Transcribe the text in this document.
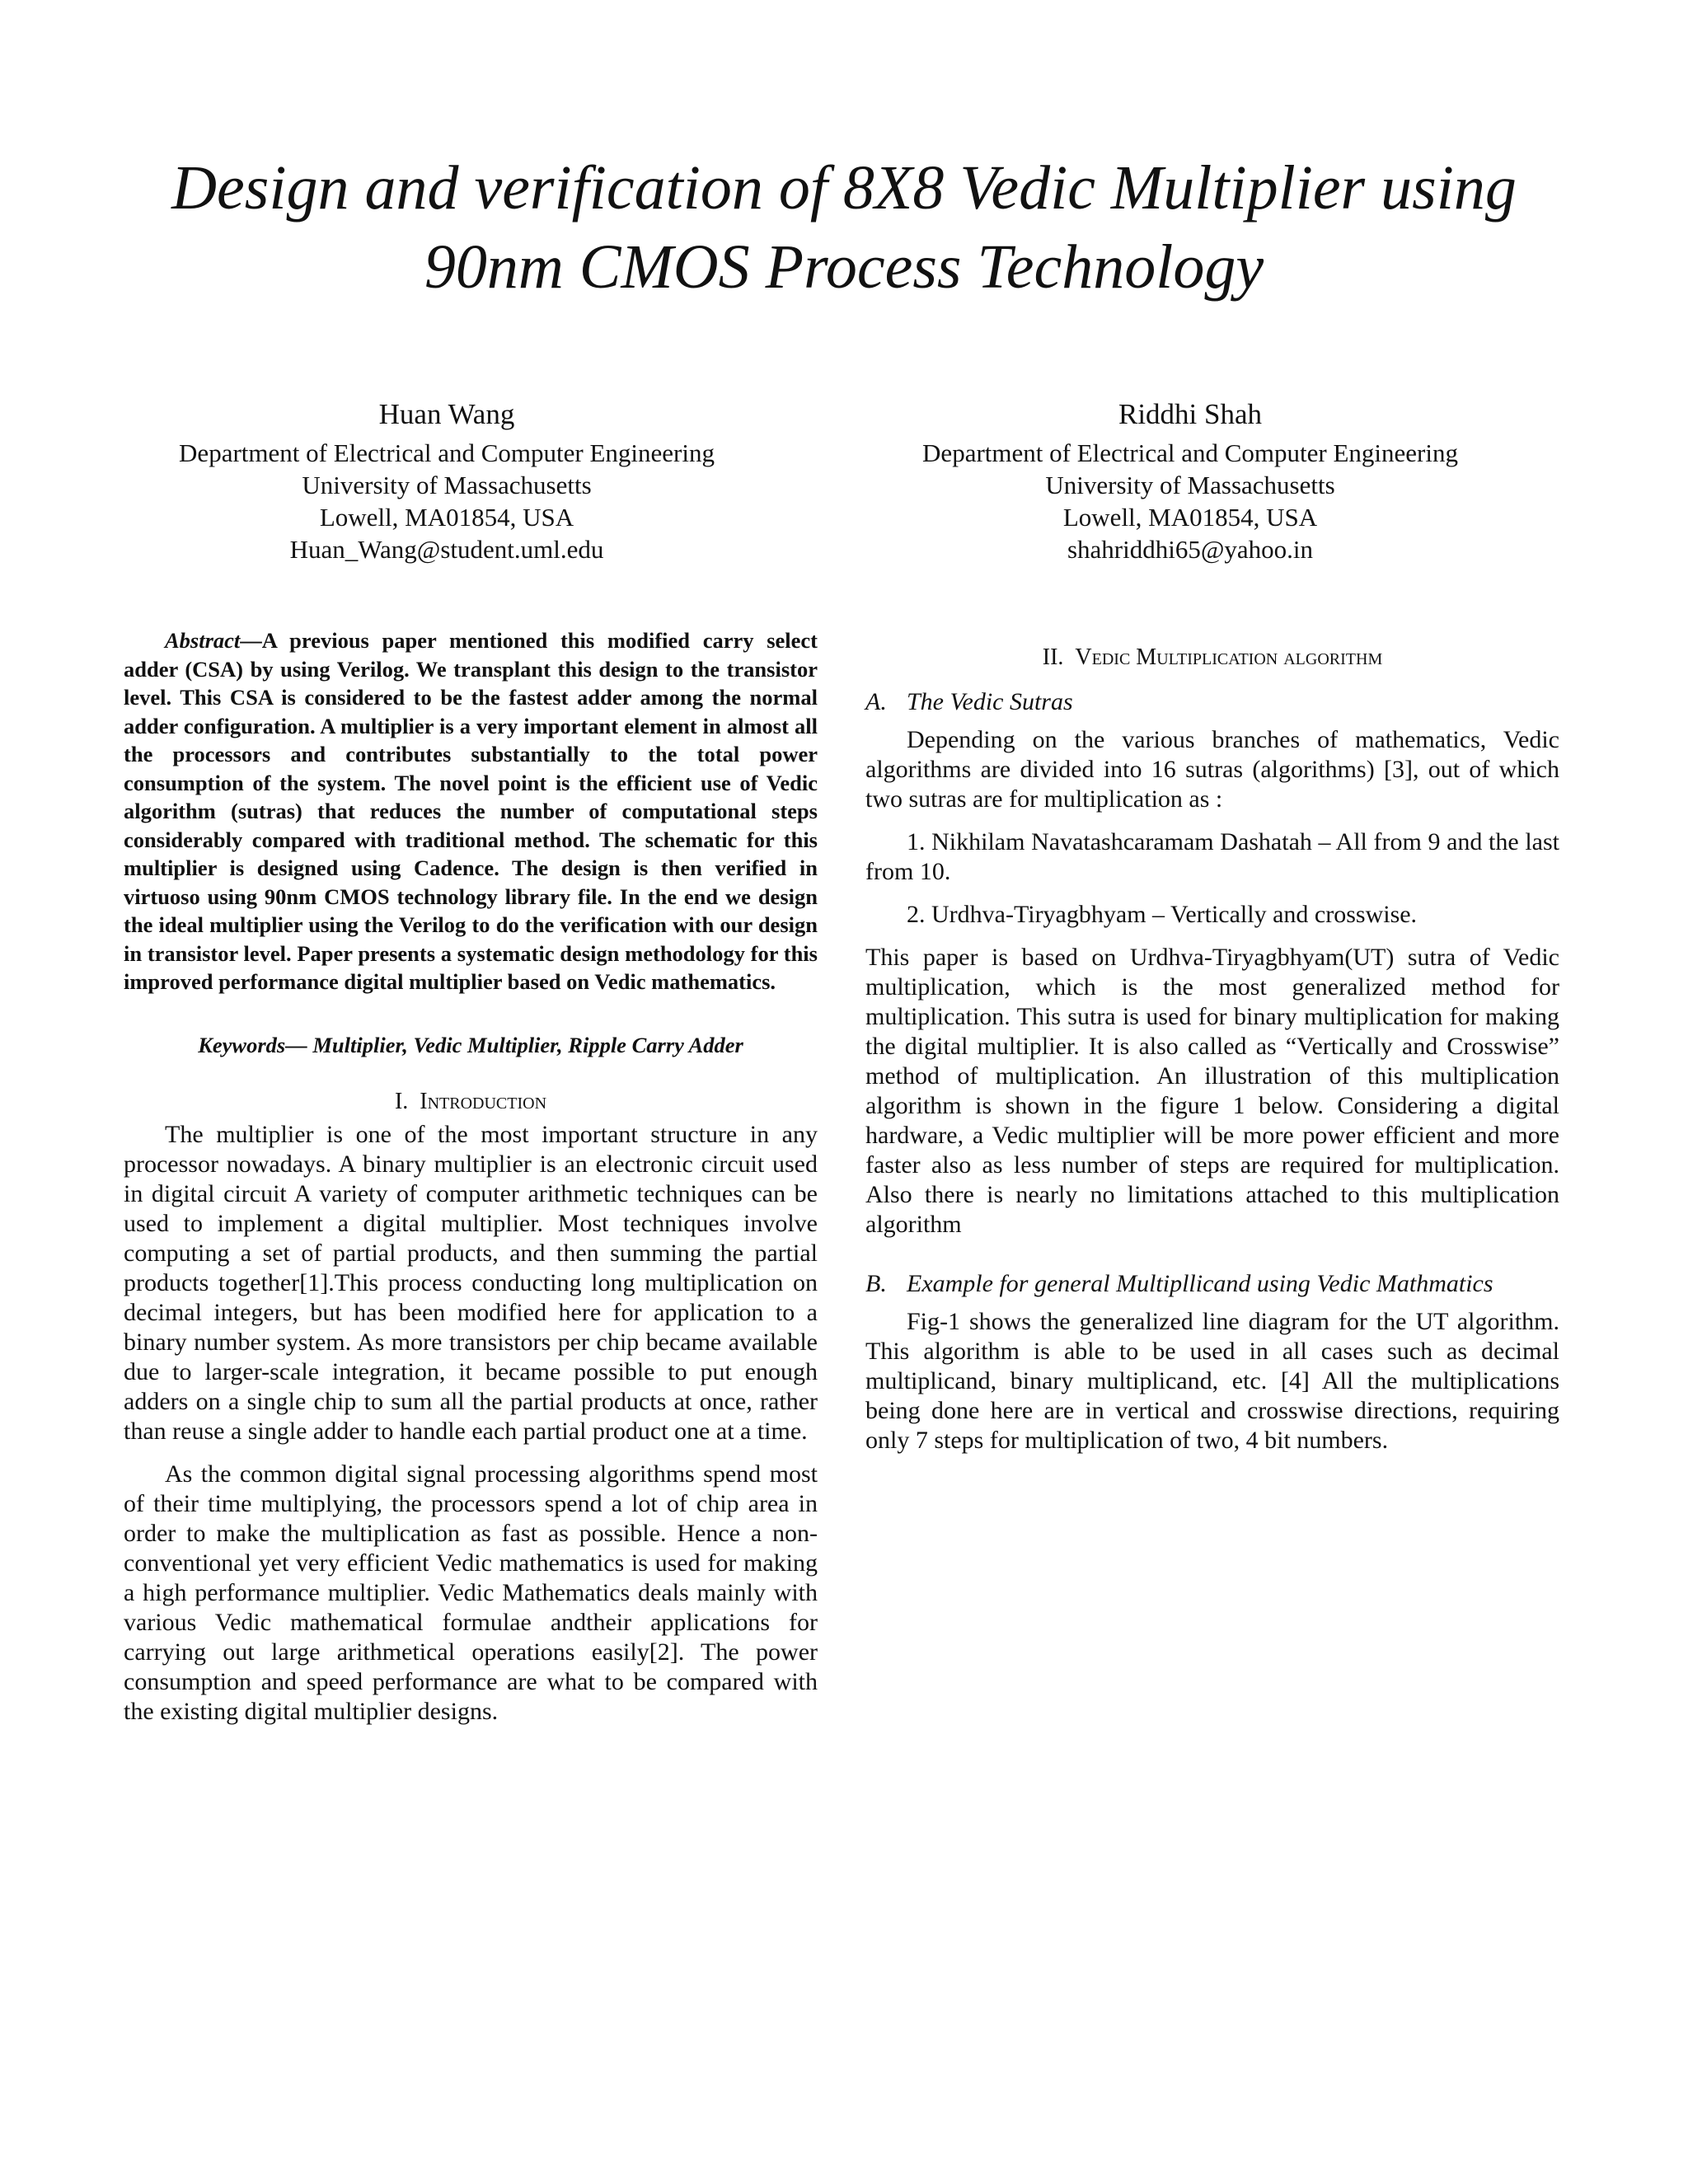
Design and verification of 8X8 Vedic Multiplier using
90nm CMOS Process Technology
Huan Wang
Department of Electrical and Computer Engineering
University of Massachusetts
Lowell, MA01854, USA
Huan_Wang@student.uml.edu
Riddhi Shah
Department of Electrical and Computer Engineering
University of Massachusetts
Lowell, MA01854, USA
shahriddhi65@yahoo.in

Abstract—A previous paper mentioned this modified carry select adder (CSA) by using Verilog. We transplant this design to the transistor level. This CSA is considered to be the fastest adder among the normal adder configuration. A multiplier is a very important element in almost all the processors and contributes substantially to the total power consumption of the system. The novel point is the efficient use of Vedic algorithm (sutras) that reduces the number of computational steps considerably compared with traditional method. The schematic for this multiplier is designed using Cadence. The design is then verified in virtuoso using 90nm CMOS technology library file. In the end we design the ideal multiplier using the Verilog to do the verification with our design in transistor level. Paper presents a systematic design methodology for this improved performance digital multiplier based on Vedic mathematics.

Keywords— Multiplier, Vedic Multiplier, Ripple Carry Adder

I. Introduction

The multiplier is one of the most important structure in any processor nowadays. A binary multiplier is an electronic circuit used in digital circuit A variety of computer arithmetic techniques can be used to implement a digital multiplier. Most techniques involve computing a set of partial products, and then summing the partial products together[1].This process conducting long multiplication on decimal integers, but has been modified here for application to a binary number system. As more transistors per chip became available due to larger-scale integration, it became possible to put enough adders on a single chip to sum all the partial products at once, rather than reuse a single adder to handle each partial product one at a time.

As the common digital signal processing algorithms spend most of their time multiplying, the processors spend a lot of chip area in order to make the multiplication as fast as possible. Hence a non-conventional yet very efficient Vedic mathematics is used for making a high performance multiplier. Vedic Mathematics deals mainly with various Vedic mathematical formulae andtheir applications for carrying out large arithmetical operations easily[2]. The power consumption and speed performance are what to be compared with the existing digital multiplier designs.

II. Vedic Multiplication algorithm
A. The Vedic Sutras

Depending on the various branches of mathematics, Vedic algorithms are divided into 16 sutras (algorithms) [3], out of which two sutras are for multiplication as :

1. Nikhilam Navatashcaramam Dashatah – All from 9 and the last from 10.

2. Urdhva-Tiryagbhyam – Vertically and crosswise.

This paper is based on Urdhva-Tiryagbhyam(UT) sutra of Vedic multiplication, which is the most generalized method for multiplication. This sutra is used for binary multiplication for making the digital multiplier. It is also called as “Vertically and Crosswise” method of multiplication. An illustration of this multiplication algorithm is shown in the figure 1 below. Considering a digital hardware, a Vedic multiplier will be more power efficient and more faster also as less number of steps are required for multiplication. Also there is nearly no limitations attached to this multiplication algorithm

B. Example for general Multipllicand using Vedic Mathmatics

Fig-1 shows the generalized line diagram for the UT algorithm. This algorithm is able to be used in all cases such as decimal multiplicand, binary multiplicand, etc. [4] All the multiplications being done here are in vertical and crosswise directions, requiring only 7 steps for multiplication of two, 4 bit numbers.
